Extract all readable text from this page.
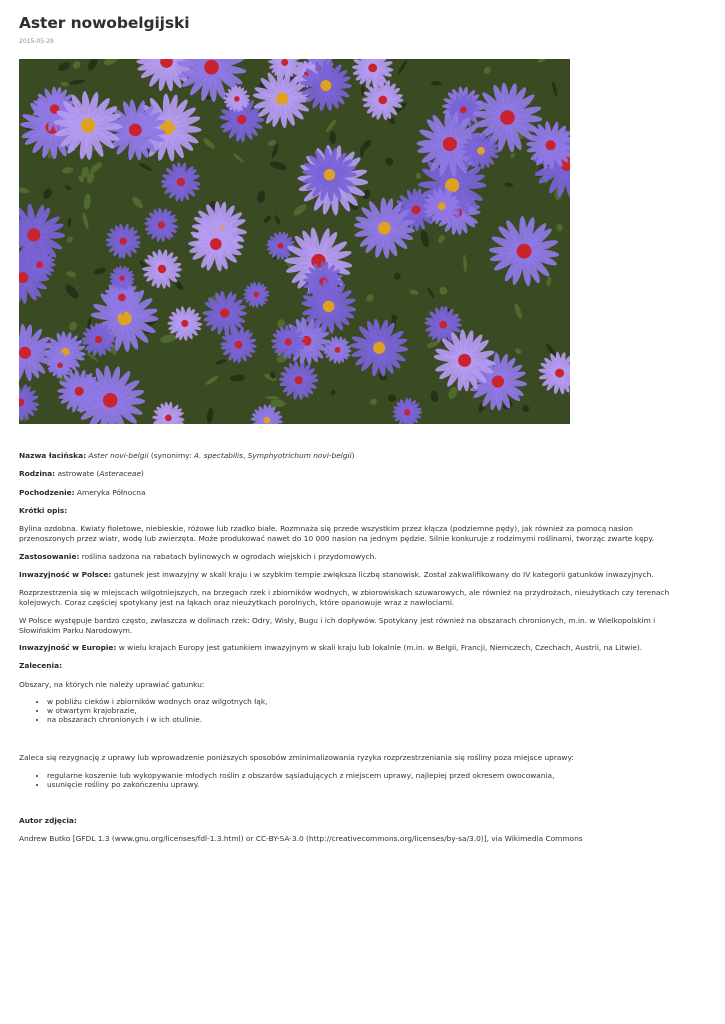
Aster nowobelgijski
2015-05-29

Nazwa łacińska: Aster novi-belgii (synonimy: A. spectabilis, Symphyotrichum novi-belgii)

Rodzina: astrowate (Asteraceae)

Pochodzenie: Ameryka Północna

Krótki opis:

Bylina ozdobna. Kwiaty fioletowe, niebieskie, różowe lub rzadko białe. Rozmnaża się przede wszystkim przez kłącza (podziemne pędy), jak również za pomocą nasion przenoszonych przez wiatr, wodę lub zwierzęta. Może produkować nawet do 10 000 nasion na jednym pędzie. Silnie konkuruje z rodzimymi roślinami, tworząc zwarte kępy.

Zastosowanie: roślina sadzona na rabatach bylinowych w ogrodach wiejskich i przydomowych.

Inwazyjność w Polsce: gatunek jest inwazyjny w skali kraju i w szybkim tempie zwiększa liczbę stanowisk. Został zakwalifikowany do IV kategorii gatunków inwazyjnych.

Rozprzestrzenia się w miejscach wilgotniejszych, na brzegach rzek i zbiorników wodnych, w zbiorowiskach szuwarowych, ale również na przydrożach, nieużytkach czy terenach kolejowych. Coraz częściej spotykany jest na łąkach oraz nieużytkach porolnych, które opanowuje wraz z nawłociami.

W Polsce występuje bardzo często, zwłaszcza w dolinach rzek: Odry, Wisły, Bugu i ich dopływów. Spotykany jest również na obszarach chronionych, m.in. w Wielkopolskim i Słowińskim Parku Narodowym.

Inwazyjność w Europie: w wielu krajach Europy jest gatunkiem inwazyjnym w skali kraju lub lokalnie (m.in. w Belgii, Francji, Niemczech, Czechach, Austrii, na Litwie).

Zalecenia:

Obszary, na których nie należy uprawiać gatunku:

• w pobliżu cieków i zbiorników wodnych oraz wilgotnych łąk,
• w otwartym krajobrazie,
• na obszarach chronionych i w ich otulinie.

Zaleca się rezygnację z uprawy lub wprowadzenie poniższych sposobów zminimalizowania ryzyka rozprzestrzeniania się rośliny poza miejsce uprawy:

• regularne koszenie lub wykopywanie młodych roślin z obszarów sąsiadujących z miejscem uprawy, najlepiej przed okresem owocowania,
• usunięcie rośliny po zakończeniu uprawy.

Autor zdjęcia:

Andrew Butko [GFDL 1.3 (www.gnu.org/licenses/fdl-1.3.html) or CC-BY-SA-3.0 (http://creativecommons.org/licenses/by-sa/3.0)], via Wikimedia Commons
